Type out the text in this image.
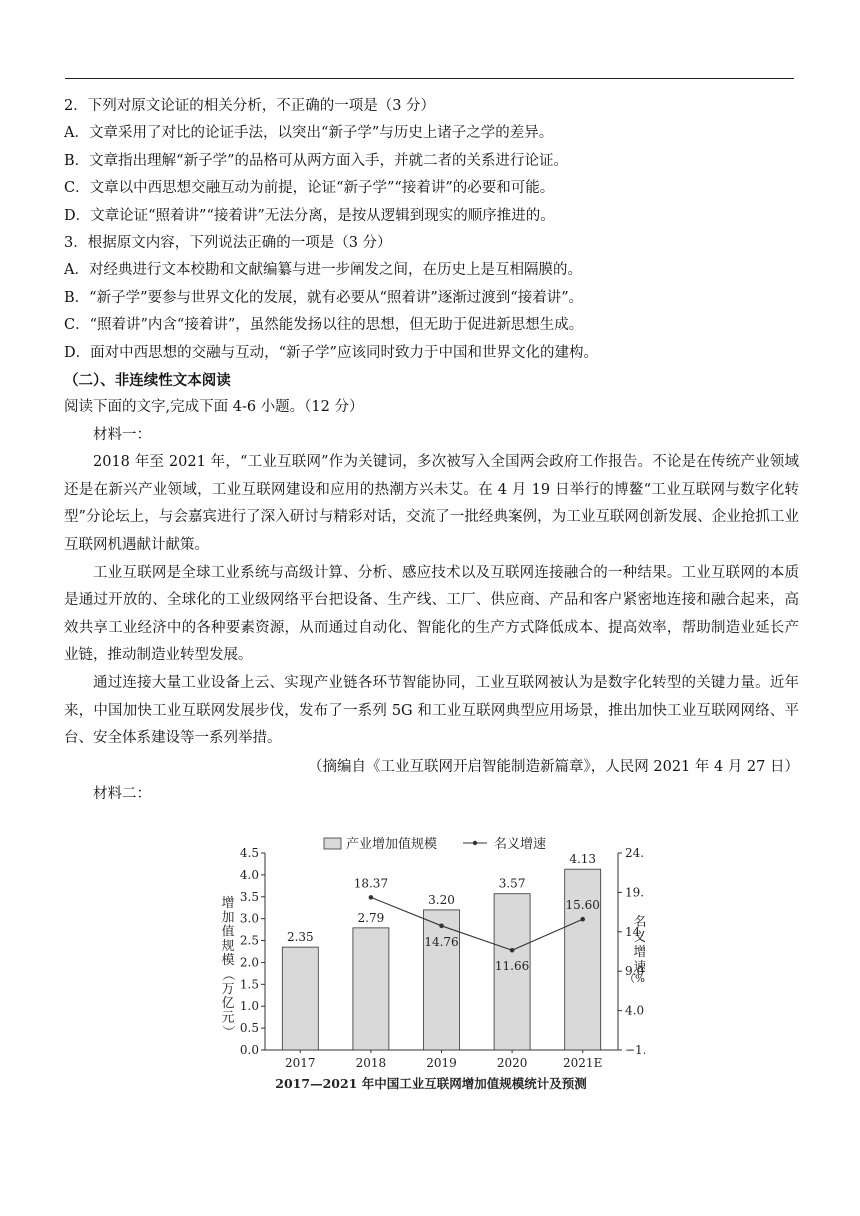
2．下列对原文论证的相关分析，不正确的一项是（3 分）
A．文章采用了对比的论证手法，以突出“新子学”与历史上诸子之学的差异。
B．文章指出理解“新子学”的品格可从两方面入手，并就二者的关系进行论证。
C．文章以中西思想交融互动为前提，论证“新子学”“接着讲”的必要和可能。
D．文章论证“照着讲”“接着讲”无法分离，是按从逻辑到现实的顺序推进的。
3．根据原文内容，下列说法正确的一项是（3 分）
A．对经典进行文本校勘和文献编纂与进一步阐发之间，在历史上是互相隔膜的。
B．“新子学”要参与世界文化的发展，就有必要从“照着讲”逐渐过渡到“接着讲”。
C．“照着讲”内含“接着讲”，虽然能发扬以往的思想，但无助于促进新思想生成。
D．面对中西思想的交融与互动，“新子学”应该同时致力于中国和世界文化的建构。
（二）、非连续性文本阅读
阅读下面的文字,完成下面 4-6 小题。（12 分）
材料一：
2018 年至 2021 年，“工业互联网”作为关键词，多次被写入全国两会政府工作报告。不论是在传统产业领域还是在新兴产业领域，工业互联网建设和应用的热潮方兴未艾。在 4 月 19 日举行的博鳌“工业互联网与数字化转型”分论坛上，与会嘉宾进行了深入研讨与精彩对话，交流了一批经典案例，为工业互联网创新发展、企业抢抓工业互联网机遇献计献策。
工业互联网是全球工业系统与高级计算、分析、感应技术以及互联网连接融合的一种结果。工业互联网的本质是通过开放的、全球化的工业级网络平台把设备、生产线、工厂、供应商、产品和客户紧密地连接和融合起来，高效共享工业经济中的各种要素资源，从而通过自动化、智能化的生产方式降低成本、提高效率，帮助制造业延长产业链，推动制造业转型发展。
通过连接大量工业设备上云、实现产业链各环节智能协同，工业互联网被认为是数字化转型的关键力量。近年来，中国加快工业互联网发展步伐，发布了一系列 5G 和工业互联网典型应用场景，推出加快工业互联网网络、平台、安全体系建设等一系列举措。
（摘编自《工业互联网开启智能制造新篇章》，人民网 2021 年 4 月 27 日）
材料二：
产业增加值规模	名义增速
2017—2021 年中国工业互联网增加值规模统计及预测
增
加
值
规
模
（
万
亿
元
）
名
义
增
速
（%
0.0
0.5
1.0
1.5
2.0
2.5
3.0
3.5
4.0
4.5
−1
4.0
9.0
14.
19.
24.
2.35
2.79
3.20
3.57
4.13
2017	2018	2019	2020	2021E
18.37
14.76
11.66
15.60
